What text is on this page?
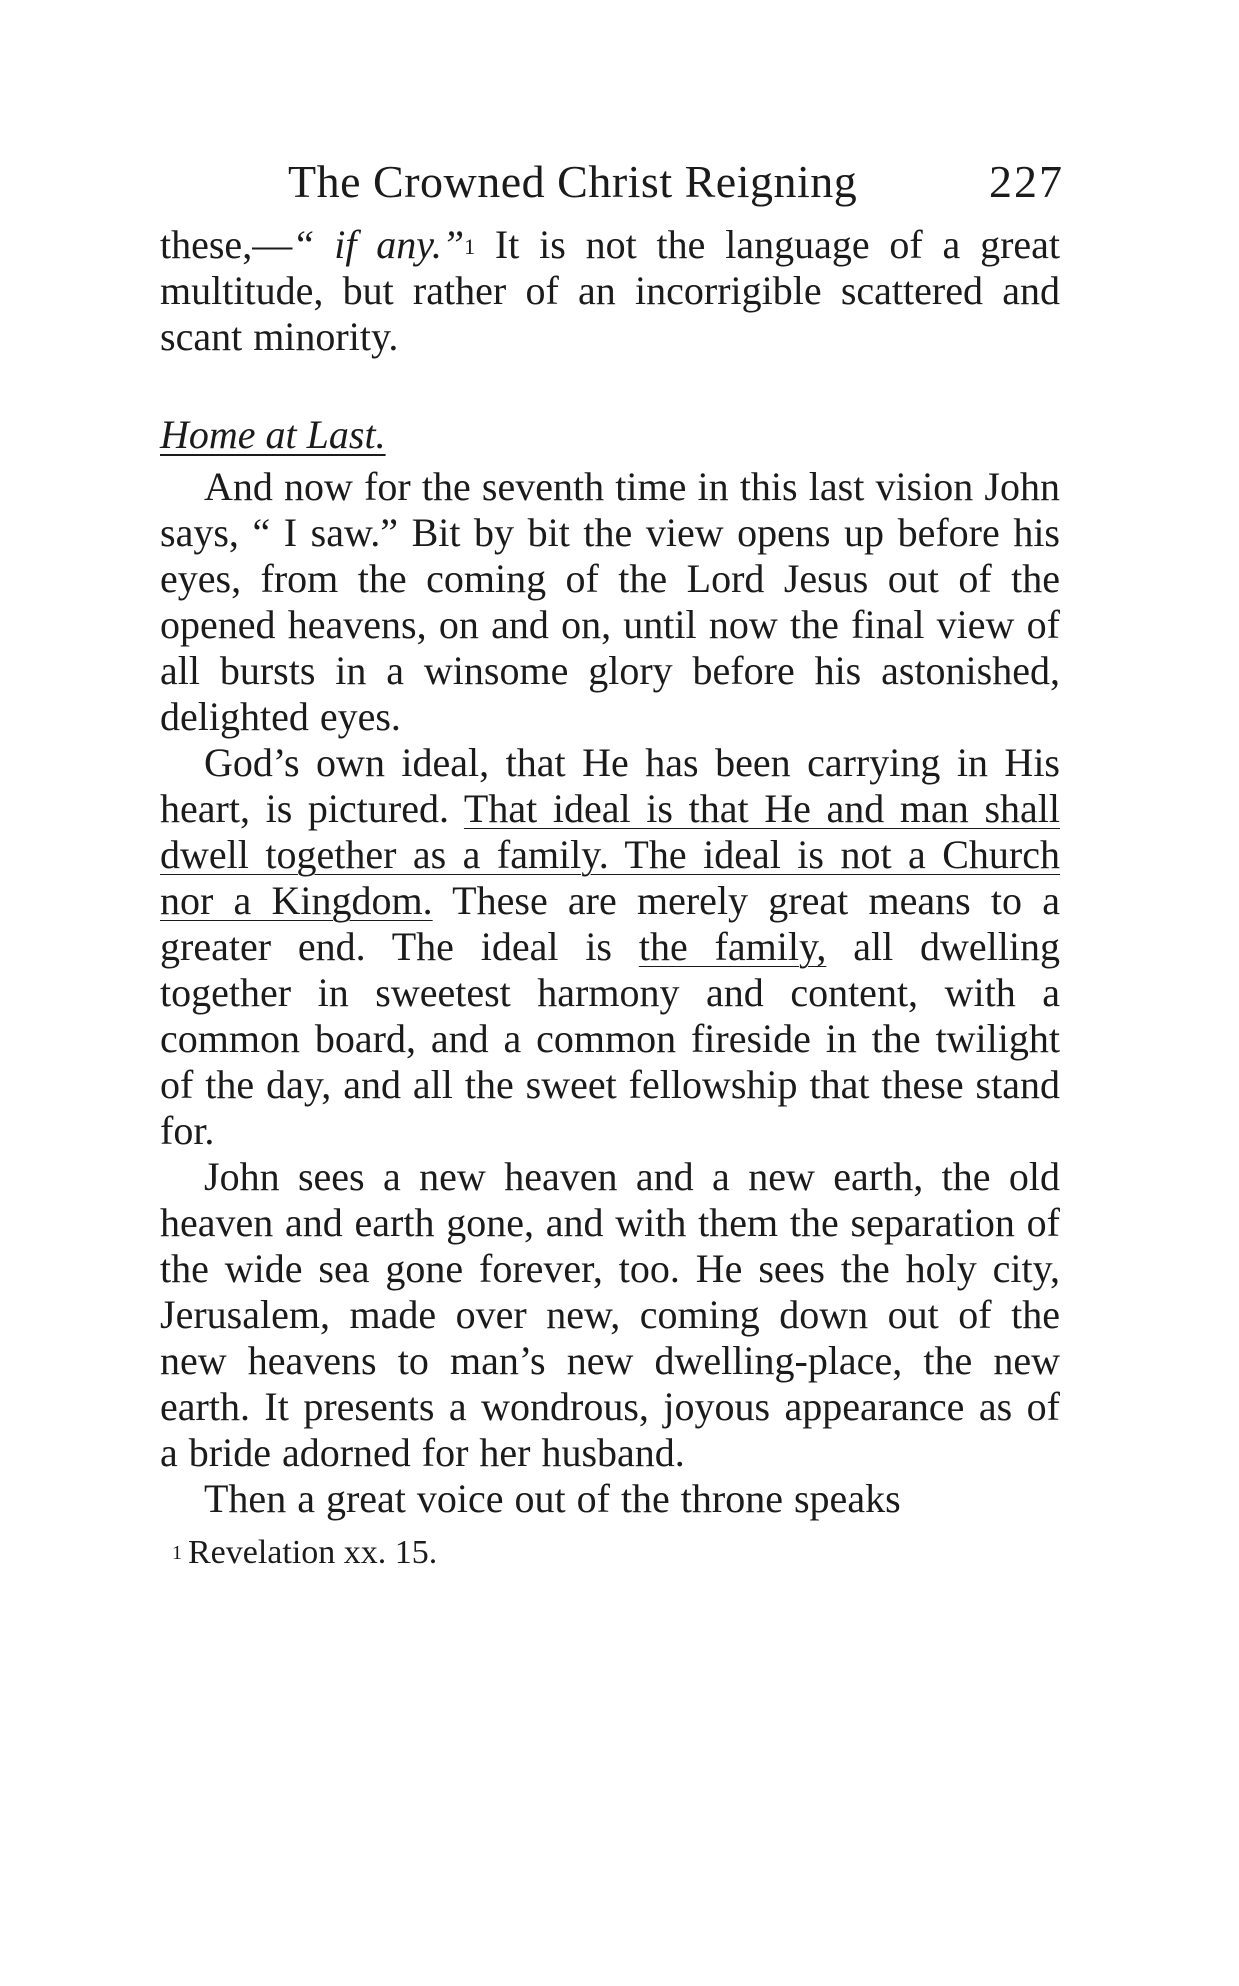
The Crowned Christ Reigning	227

these,—“ if any.”$^1$ It is not the language of a great multitude, but rather of an incorrigible scattered and scant minority.

Home at Last.

And now for the seventh time in this last vision John says, “ I saw.” Bit by bit the view opens up before his eyes, from the coming of the Lord Jesus out of the opened heavens, on and on, until now the final view of all bursts in a winsome glory before his astonished, delighted eyes.

God’s own ideal, that He has been carrying in His heart, is pictured. That ideal is that He and man shall dwell together as a family. The ideal is not a Church nor a Kingdom. These are merely great means to a greater end. The ideal is the family, all dwelling together in sweetest harmony and content, with a common board, and a common fireside in the twilight of the day, and all the sweet fellowship that these stand for.

John sees a new heaven and a new earth, the old heaven and earth gone, and with them the separation of the wide sea gone forever, too. He sees the holy city, Jerusalem, made over new, coming down out of the new heavens to man’s new dwelling-place, the new earth. It presents a wondrous, joyous appearance as of a bride adorned for her husband.

Then a great voice out of the throne speaks

$^1$ Revelation xx. 15.
